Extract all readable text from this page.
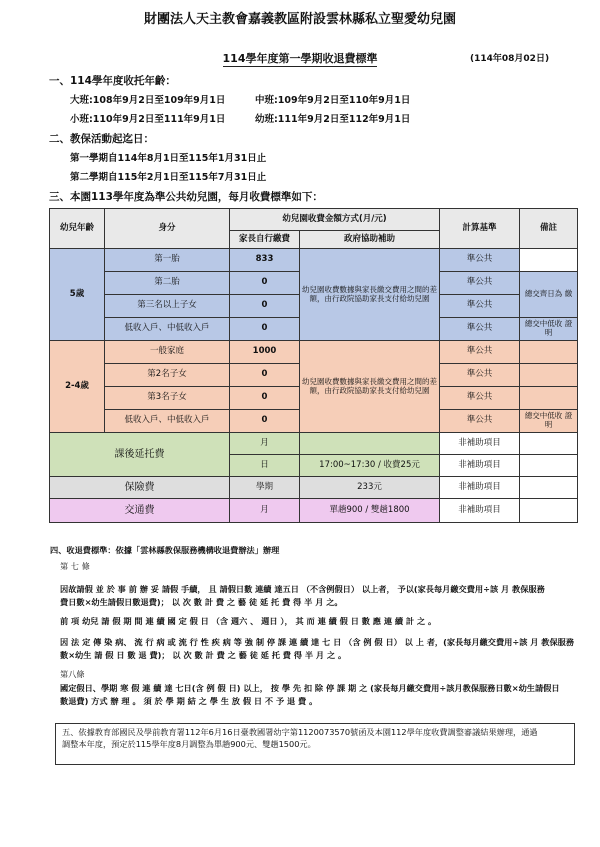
財團法人天主教會嘉義教區附設雲林縣私立聖愛幼兒園
114學年度第一學期收退費標準	(114年08月02日)
一、114學年度收托年齡：
大班:108年9月2日至109年9月1日	中班:109年9月2日至110年9月1日
小班:110年9月2日至111年9月1日	幼班:111年9月2日至112年9月1日
二、教保活動起迄日：
第一學期自114年8月1日至115年1月31日止
第二學期自115年2月1日至115年7月31日止
三、本園113學年度為準公共幼兒園，每月收費標準如下：
幼兒年齡	身分	幼兒園收費金額方式(月/元)		計算基準	備註
		家長自行繳費	政府協助補助		
5歲	第一胎	833	幼兒園收費數據與家長繳交費用之間的差額，由行政院協助家長支付給幼兒園	準公共	
	第二胎	0		準公共	總交齊日為 繳
	第三名以上子女	0		準公共	
	低收入戶、中低收入戶	0		準公共	總交中低收 證明
2-4歲	一般家庭	1000	幼兒園收費數據與家長繳交費用之間的差額，由行政院協助家長支付給幼兒園	準公共	
	第2名子女	0		準公共	
	第3名子女	0		準公共	
	低收入戶、中低收入戶	0		準公共	總交中低收 證明
課後延托費		月		非補助項目	
		日	17:00~17:30 / 收費25元	非補助項目	
保險費		學期	233元	非補助項目	
交通費		月	單趟900 / 雙趟1800	非補助項目	
四、收退費標準：依據「雲林縣教保服務機構收退費辦法」辦理
第 七 條
因故請假 並 於 事 前 辦 妥 請假 手續， 且 請假日數 連續 達五日 （不含例假日） 以上者， 予以(家長每月繳交費用÷該 月 教保服務
費日數×幼生請假日數退費)； 以 次 數 計 費 之 藝 徒 延 托 費 得 半 月 之。
前 項 幼兒 請 假 期 間 連 續 國 定 假 日 （含 週六 、 週日 ）， 其 而 連 續 假 日 數 應 連 續 計 之 。
因 法 定 傳 染 病、 流 行 病 或 流 行 性 疾 病 等 強 制 停 課 連 續 達 七 日 （含 例 假 日） 以 上 者，(家長每月繳交費用÷該 月 教保服務
數×幼生 請 假 日 數 退 費)； 以 次 數 計 費 之 藝 徒 延 托 費 得 半 月 之 。
第八條
國定假日、學期 寒 假 連 續 達 七日(含 例 假 日) 以上， 按 學 先 扣 除 停 課 期 之 (家長每月繳交費用÷該月教保服務日數×幼生請假日
數退費) 方式 辦 理 。 須 於 學 期 結 之 學 生 放 假 日 不 予 退 費 。
五、依據教育部國民及學前教育署112年6月16日臺教國署幼字第1120073570號函及本園112學年度收費調整審議結果辦理，通過
調整本年度，預定於115學年度8月調整為單趟900元、雙趟1500元。
